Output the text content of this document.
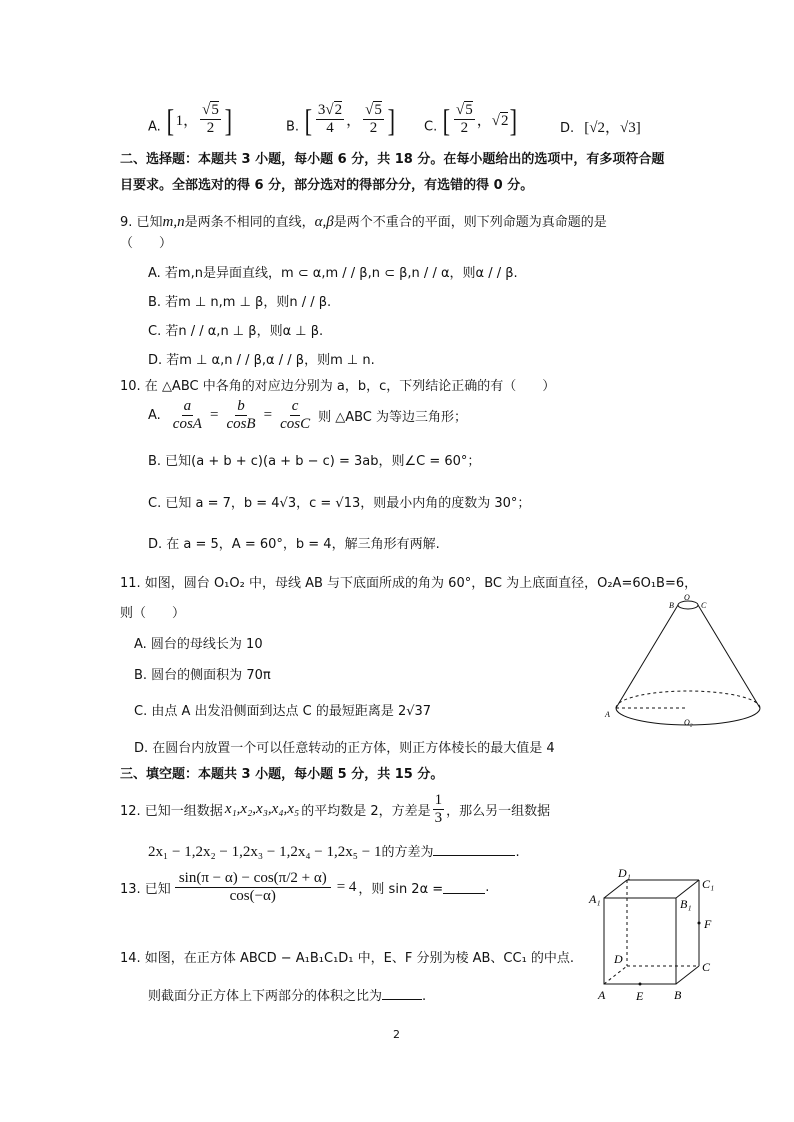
A. [ 1， $\frac{√5}{2}$ ]	B. [ $\frac{3√2}{4}$ ， $\frac{√5}{2}$ ] C. [ $\frac{√5}{2}$ ，√2 ]	D. [√2，√3]
二、选择题：本题共 3 小题，每小题 6 分，共 18 分。在每小题给出的选项中，有多项符合题
目要求。全部选对的得 6 分，部分选对的得部分分，有选错的得 0 分。
9. 已知m,n是两条不相同的直线，α,β是两个不重合的平面，则下列命题为真命题的是
（　　）
A. 若m,n是异面直线，m ⊂ α,m / / β,n ⊂ β,n / / α，则α / / β.
B. 若m ⊥ n,m ⊥ β，则n / / β.
C. 若n / / α,n ⊥ β，则α ⊥ β.
D. 若m ⊥ α,n / / β,α / / β，则m ⊥ n.
10. 在 △ABC 中各角的对应边分别为 a，b，c，下列结论正确的有（　　）
A. $\frac{a}{\cos A} = \frac{b}{\cos B} = \frac{c}{\cos C}$ 则 △ABC 为等边三角形；
B. 已知(a + b + c)(a + b − c) = 3ab，则∠C = 60°；
C. 已知 a = 7，b = 4√3，c = √13，则最小内角的度数为 30°；
D. 在 a = 5，A = 60°，b = 4，解三角形有两解.
11. 如图，圆台 O₁O₂ 中，母线 AB 与下底面所成的角为 60°，BC 为上底面直径，O₂A=6O₁B=6，
则（　　）
A. 圆台的母线长为 10
B. 圆台的侧面积为 70π
C. 由点 A 出发沿侧面到达点 C 的最短距离是 2√37
D. 在圆台内放置一个可以任意转动的正方体，则正方体棱长的最大值是 4
O
B	C
A
O₂
三、填空题：本题共 3 小题，每小题 5 分，共 15 分。
12. 已知一组数据 x₁,x₂,x₃,x₄,x₅ 的平均数是 2，方差是 $\frac{1}{3}$ ，那么另一组数据
2x₁ − 1,2x₂ − 1,2x₃ − 1,2x₄ − 1,2x₅ − 1的方差为	.
13. 已知 $\frac{\sin(\pi - \alpha) - \cos(\pi/2 + \alpha)}{\cos(-\alpha)} = 4$ ，则 sin 2α =	.
14. 如图，在正方体 ABCD − A₁B₁C₁D₁ 中，E、F 分别为棱 AB、CC₁ 的中点.
则截面分正方体上下两部分的体积之比为	.
D₁
C₁
A₁	B₁
F
D
C
A	E	B
2
